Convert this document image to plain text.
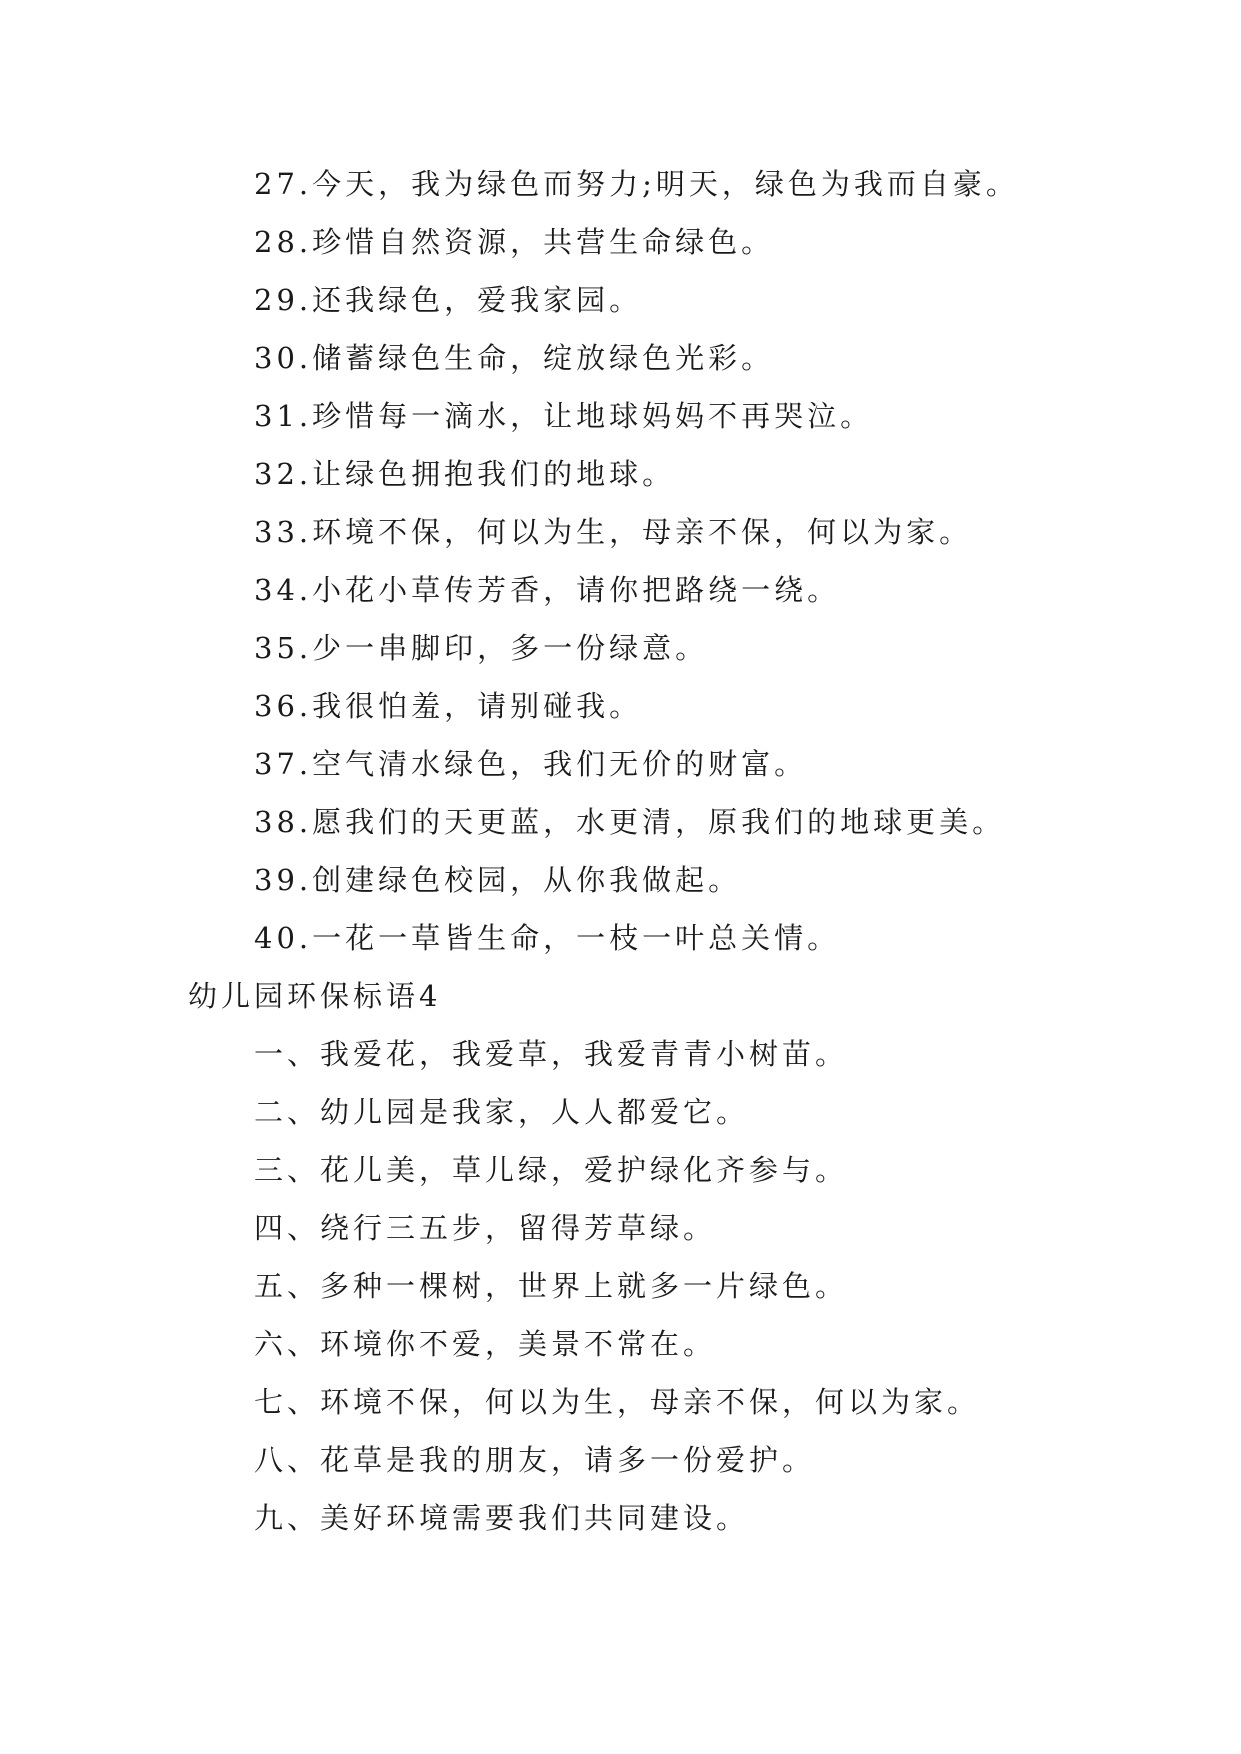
27.今天，我为绿色而努力;明天，绿色为我而自豪。
28.珍惜自然资源，共营生命绿色。
29.还我绿色，爱我家园。
30.储蓄绿色生命，绽放绿色光彩。
31.珍惜每一滴水，让地球妈妈不再哭泣。
32.让绿色拥抱我们的地球。
33.环境不保，何以为生，母亲不保，何以为家。
34.小花小草传芳香，请你把路绕一绕。
35.少一串脚印，多一份绿意。
36.我很怕羞，请别碰我。
37.空气清水绿色，我们无价的财富。
38.愿我们的天更蓝，水更清，原我们的地球更美。
39.创建绿色校园，从你我做起。
40.一花一草皆生命，一枝一叶总关情。
幼儿园环保标语4
一、我爱花，我爱草，我爱青青小树苗。
二、幼儿园是我家，人人都爱它。
三、花儿美，草儿绿，爱护绿化齐参与。
四、绕行三五步，留得芳草绿。
五、多种一棵树，世界上就多一片绿色。
六、环境你不爱，美景不常在。
七、环境不保，何以为生，母亲不保，何以为家。
八、花草是我的朋友，请多一份爱护。
九、美好环境需要我们共同建设。
